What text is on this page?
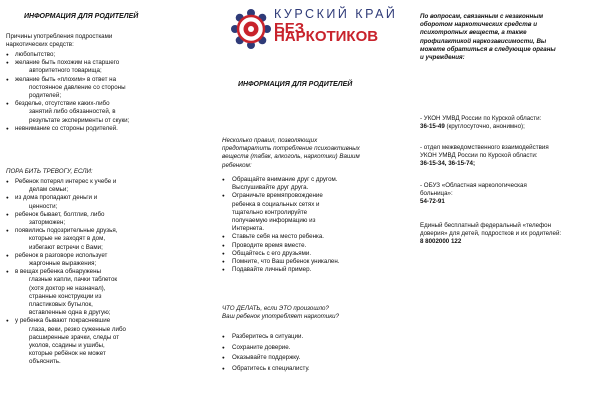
ИНФОРМАЦИЯ ДЛЯ РОДИТЕЛЕЙ
Причины употребления подростками
наркотических средств:
● любопытство;
● желание быть похожим на старшего
авторитетного товарища;
● желание быть «плохим» в ответ на
постоянное давление со стороны
родителей;
● безделье, отсутствие каких-либо
занятий либо обязанностей, в
результате эксперименты от скуки;
● невнимание со стороны родителей.
ПОРА БИТЬ ТРЕВОГУ, ЕСЛИ:
● Ребенок потерял интерес к учебе и
делам семьи;
● из дома пропадают деньги и
ценности;
● ребенок бывает, болтлив, либо
заторможен;
● появились подозрительные друзья,
которые не заходят в дом,
избегают встречи с Вами;
● ребенок в разговоре использует
жаргонные выражения;
● в вещах ребенка обнаружены
глазные капли, пачки таблеток
(хотя доктор не назначал),
странные конструкции из
пластиковых бутылок,
вставленные одна в другую;
● у ребенка бывают покрасневшие
глаза, веки, резко суженные либо
расширенные зрачки, следы от
уколов, ссадины и ушибы,
которые ребёнок не может
объяснить.
КУРСКИЙ КРАЙ
БЕЗ НАРКОТИКОВ
ИНФОРМАЦИЯ ДЛЯ РОДИТЕЛЕЙ
Несколько правил, позволяющих
предотвратить потребление психоактивных
веществ (табак, алкоголь, наркотики) Вашим
ребенком:
● Обращайте внимание друг с другом.
Выслушивайте друг друга.
● Ограничьте времяпровождение
ребенка в социальных сетях и
тщательно контролируйте
получаемую информацию из
Интернета.
● Ставьте себя на место ребенка.
● Проводите время вместе.
● Общайтесь с его друзьями.
● Помните, что Ваш ребенок уникален.
● Подавайте личный пример.
ЧТО ДЕЛАТЬ, если ЭТО произошло?
Ваш ребенок употребляет наркотики?
● Разберитесь в ситуации.
● Сохраните доверие.
● Оказывайте поддержку.
● Обратитесь к специалисту.
По вопросам, связанным с незаконным
оборотом наркотических средств и
психотропных веществ, а также
профилактикой наркозависимости, Вы
можете обратиться в следующие органы
и учреждения:
- УКОН УМВД России по Курской области:
36-15-49 (круглосуточно, анонимно);
- отдел межведомственного взаимодействия
УКОН УМВД России по Курской области:
36-15-34, 36-15-74;
- ОБУЗ «Областная наркологическая
больница»:
54-72-91
Единый бесплатный федеральный «телефон
доверия» для детей, подростков и их родителей:
8 8002000 122
